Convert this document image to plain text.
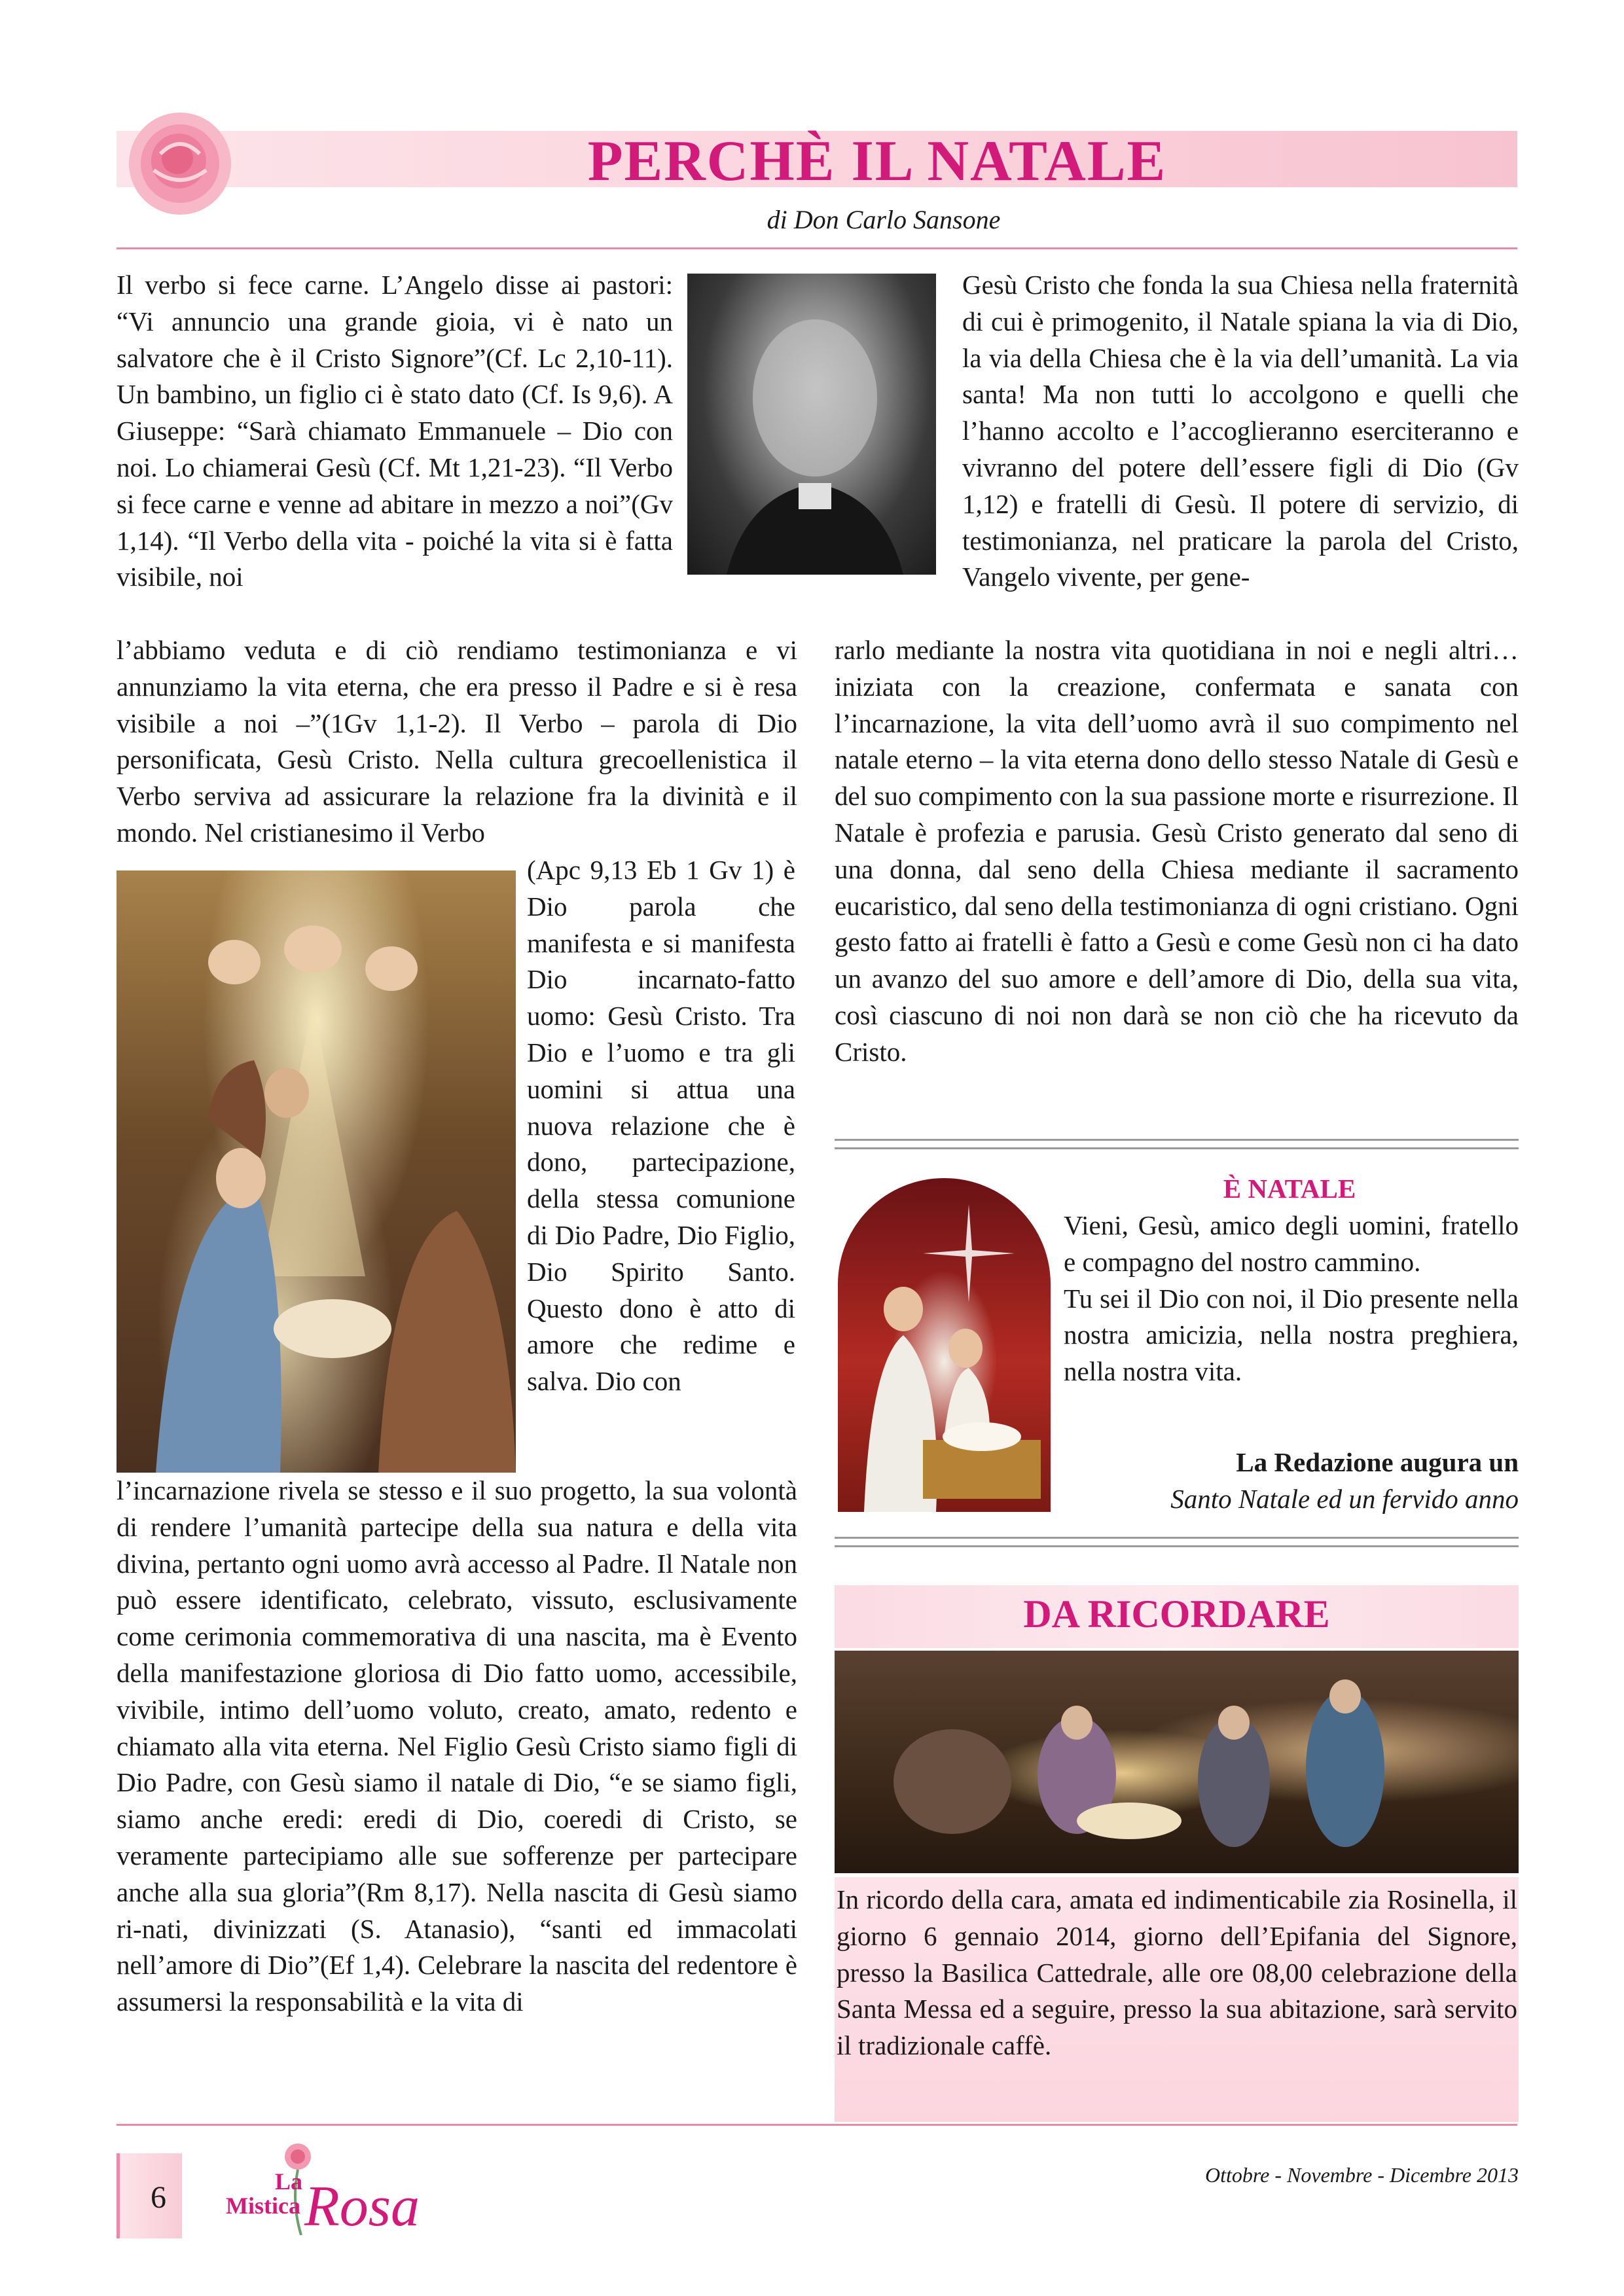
PERCHÈ IL NATALE
di Don Carlo Sansone
Il verbo si fece carne. L’Angelo disse ai pastori: “Vi annuncio una grande gioia, vi è nato un salvatore che è il Cristo Signore”(Cf. Lc 2,10-11). Un bambino, un figlio ci è stato dato (Cf. Is 9,6). A Giuseppe: “Sarà chiamato Emmanuele – Dio con noi. Lo chiamerai Gesù (Cf. Mt 1,21-23). “Il Verbo si fece carne e venne ad abitare in mezzo a noi”(Gv 1,14). “Il Verbo della vita - poiché la vita si è fatta visibile, noi
l’abbiamo veduta e di ciò rendiamo testimonianza e vi annunziamo la vita eterna, che era presso il Padre e si è resa visibile a noi –”(1Gv 1,1-2). Il Verbo – parola di Dio personificata, Gesù Cristo. Nella cultura grecoellenistica il Verbo serviva ad assicurare la relazione fra la divinità e il mondo. Nel cristianesimo il Verbo
(Apc 9,13 Eb 1 Gv 1) è Dio parola che manifesta e si manifesta Dio incarnato-fatto uomo: Gesù Cristo. Tra Dio e l’uomo e tra gli uomini si attua una nuova relazione che è dono, partecipazione, della stessa comunione di Dio Padre, Dio Figlio, Dio Spirito Santo. Questo dono è atto di amore che redime e salva. Dio con
l’incarnazione rivela se stesso e il suo progetto, la sua volontà di rendere l’umanità partecipe della sua natura e della vita divina, pertanto ogni uomo avrà accesso al Padre. Il Natale non può essere identificato, celebrato, vissuto, esclusivamente come cerimonia commemorativa di una nascita, ma è Evento della manifestazione gloriosa di Dio fatto uomo, accessibile, vivibile, intimo dell’uomo voluto, creato, amato, redento e chiamato alla vita eterna. Nel Figlio Gesù Cristo siamo figli di Dio Padre, con Gesù siamo il natale di Dio, “e se siamo figli, siamo anche eredi: eredi di Dio, coeredi di Cristo, se veramente partecipiamo alle sue sofferenze per partecipare anche alla sua gloria”(Rm 8,17). Nella nascita di Gesù siamo ri-nati, divinizzati (S. Atanasio), “santi ed immacolati nell’amore di Dio”(Ef 1,4). Celebrare la nascita del redentore è assumersi la responsabilità e la vita di
Gesù Cristo che fonda la sua Chiesa nella fraternità di cui è primogenito, il Natale spiana la via di Dio, la via della Chiesa che è la via dell’umanità. La via santa! Ma non tutti lo accolgono e quelli che l’hanno accolto e l’accoglieranno eserciteranno e vivranno del potere dell’essere figli di Dio (Gv 1,12) e fratelli di Gesù. Il potere di servizio, di testimonianza, nel praticare la parola del Cristo, Vangelo vivente, per gene-
rarlo mediante la nostra vita quotidiana in noi e negli altri…iniziata con la creazione, confermata e sanata con l’incarnazione, la vita dell’uomo avrà il suo compimento nel natale eterno – la vita eterna dono dello stesso Natale di Gesù e del suo compimento con la sua passione morte e risurrezione. Il Natale è profezia e parusia. Gesù Cristo generato dal seno di una donna, dal seno della Chiesa mediante il sacramento eucaristico, dal seno della testimonianza di ogni cristiano. Ogni gesto fatto ai fratelli è fatto a Gesù e come Gesù non ci ha dato un avanzo del suo amore e dell’amore di Dio, della sua vita, così ciascuno di noi non darà se non ciò che ha ricevuto da Cristo.
È NATALE
Vieni, Gesù, amico degli uomini, fratello e compagno del nostro cammino.
Tu sei il Dio con noi, il Dio presente nella nostra amicizia, nella nostra preghiera, nella nostra vita.
La Redazione augura un
Santo Natale ed un fervido anno
DA RICORDARE
In ricordo della cara, amata ed indimenticabile zia Rosinella, il giorno 6 gennaio 2014, giorno dell’Epifania del Signore, presso la Basilica Cattedrale, alle ore 08,00 celebrazione della Santa Messa ed a seguire, presso la sua abitazione, sarà servito il tradizionale caffè.
6	La
Mistica Rosa	Ottobre - Novembre - Dicembre 2013
